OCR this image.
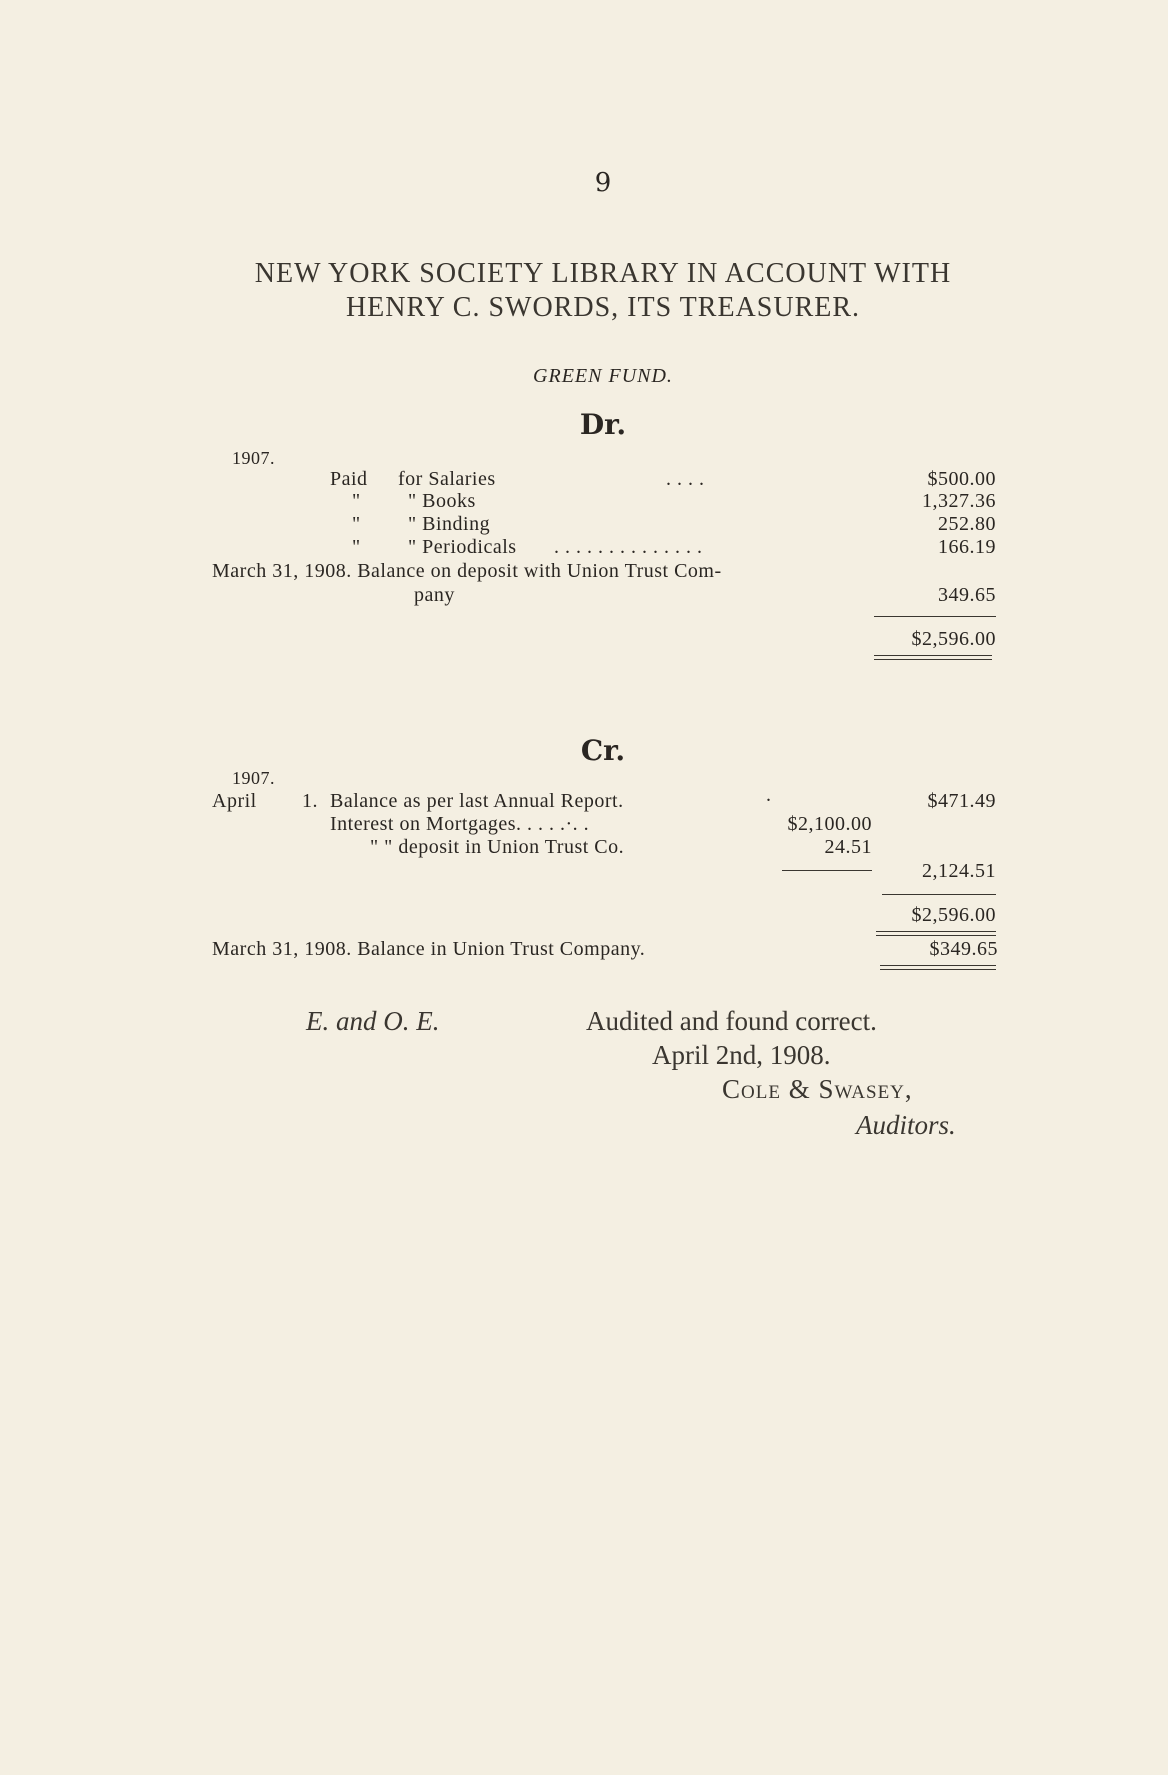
9
NEW YORK SOCIETY LIBRARY IN ACCOUNT WITH
HENRY C. SWORDS, ITS TREASURER.
GREEN FUND.
Dr.
1907.
Paid for Salaries	. . . .	$500.00
" " Books	1,327.36
" " Binding	252.80
" " Periodicals . . . . . . . . . . . . . .	166.19
March 31, 1908. Balance on deposit with Union Trust Com-
pany	349.65
$2,596.00
Cr.
1907.
April 1. Balance as per last Annual Report.	.	$471.49
Interest on Mortgages. . . . .·. .	$2,100.00
" " deposit in Union Trust Co.	24.51
2,124.51
$2,596.00
March 31, 1908. Balance in Union Trust Company.	$349.65
E. and O. E.	Audited and found correct.
April 2nd, 1908.
Cole & Swasey,
Auditors.
